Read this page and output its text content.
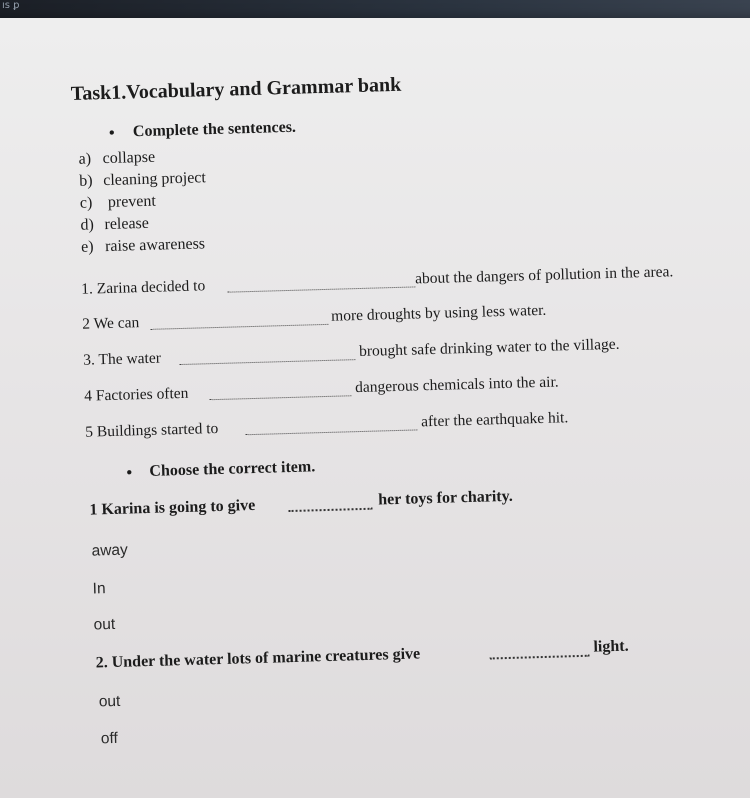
ıs ꝑ
Task1.Vocabulary and Grammar bank
• Complete the sentences.
a) collapse
b) cleaning project
c) prevent
d) release
e) raise awareness
1. Zarina decided to
about the dangers of pollution in the area.
2 We can	more droughts by using less water.
3. The water	brought safe drinking water to the village.
4 Factories often	dangerous chemicals into the air.
5 Buildings started to
after the earthquake hit.
• Choose the correct item.
1 Karina is going to give	her toys for charity.
away
In
out
2. Under the water lots of marine creatures give	light.
out
off
